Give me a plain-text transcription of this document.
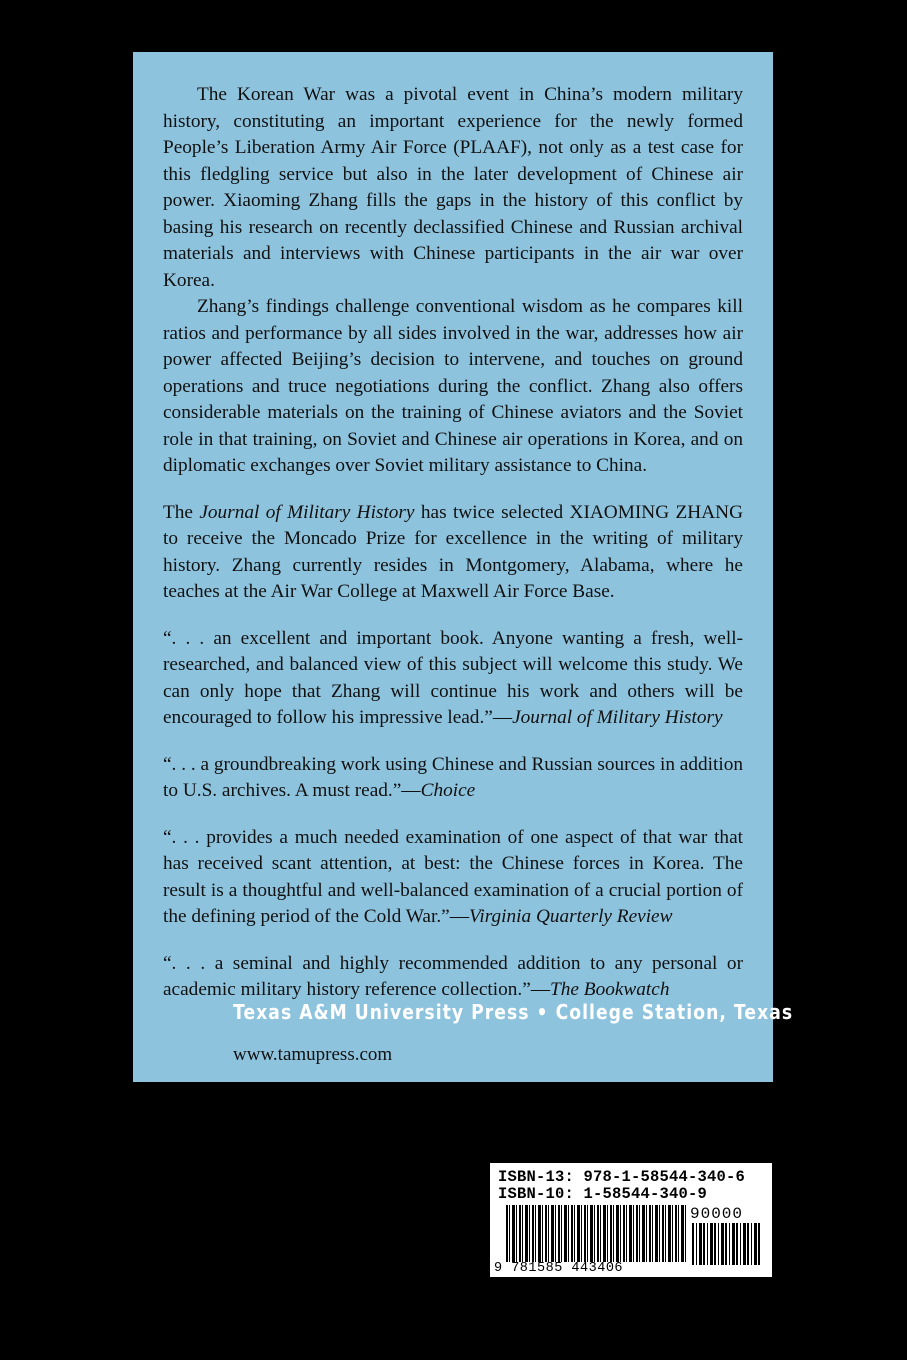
The Korean War was a pivotal event in China’s modern military history, constituting an important experience for the newly formed People’s Liberation Army Air Force (PLAAF), not only as a test case for this fledgling service but also in the later development of Chinese air power. Xiaoming Zhang fills the gaps in the history of this conflict by basing his research on recently declassified Chinese and Russian archival materials and interviews with Chinese participants in the air war over Korea.

Zhang’s findings challenge conventional wisdom as he compares kill ratios and performance by all sides involved in the war, addresses how air power affected Beijing’s decision to intervene, and touches on ground operations and truce negotiations during the conflict. Zhang also offers considerable materials on the training of Chinese aviators and the Soviet role in that training, on Soviet and Chinese air operations in Korea, and on diplomatic exchanges over Soviet military assistance to China.

The Journal of Military History has twice selected XIAOMING ZHANG to receive the Moncado Prize for excellence in the writing of military history. Zhang currently resides in Montgomery, Alabama, where he teaches at the Air War College at Maxwell Air Force Base.

“. . . an excellent and important book. Anyone wanting a fresh, well-researched, and balanced view of this subject will welcome this study. We can only hope that Zhang will continue his work and others will be encouraged to follow his impressive lead.”—Journal of Military History

“. . . a groundbreaking work using Chinese and Russian sources in addition to U.S. archives. A must read.”—Choice

“. . . provides a much needed examination of one aspect of that war that has received scant attention, at best: the Chinese forces in Korea. The result is a thoughtful and well-balanced examination of a crucial portion of the defining period of the Cold War.”—Virginia Quarterly Review

“. . . a seminal and highly recommended addition to any personal or academic military history reference collection.”—The Bookwatch

Texas A&M University Press • College Station, Texas
www.tamupress.com
ISBN-13: 978-1-58544-340-6
ISBN-10: 1-58544-340-9
90000
9 781585 443406
